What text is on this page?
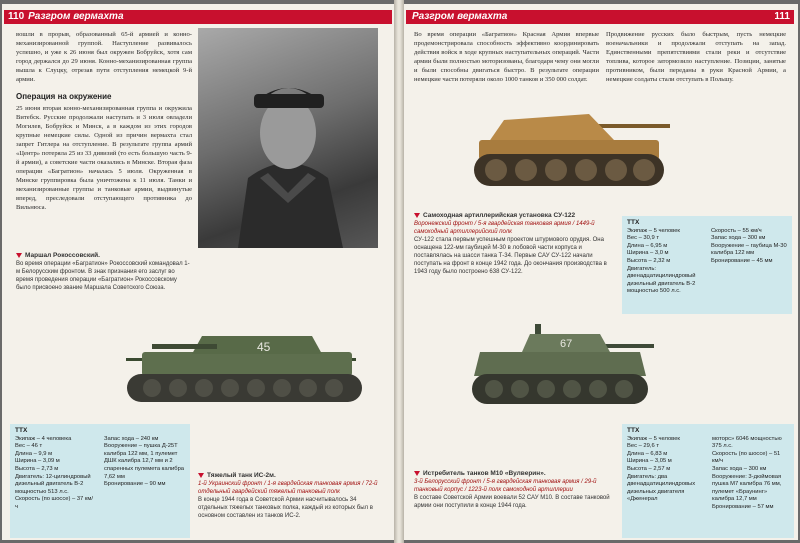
110 Разгром вермахта
вошли в прорыв, образованный 65-й армией и конно-механизированной группой. Наступление развивалось успешно, и уже к 26 июня был окружен Бобруйск, хотя сам город держался до 29 июня. Конно-механизированная группа вышла к Слуцку, отрезав пути отступления немецкой 9-й армии.
Операция на окружение
25 июня вторая конно-механизированная группа и окружила Витебск. Русские продолжали наступать и 3 июля овладели Могилев, Бобруйск и Минск, а в каждом из этих городов крупные немецкие силы. Одной из причин вермахта стал запрет Гитлера на отступление. В результате группа армий «Центр» потеряла 25 из 33 дивизий (то есть большую часть 9-й армии), а советские части оказались в Минске. Вторая фаза операции «Багратион» началась 5 июля. Окруженная в Минске группировка была уничтожена к 11 июля. Танки и механизированные группы и танковые армии, выдвинутые вперед, преследовали отступающего противника до Вильнюса.
Маршал Рокоссовский.
Во время операции «Багратион» Рокоссовский командовал 1-м Белорусским фронтом. В знак признания его заслуг во время проведения операции «Багратион» Рокоссовскому было присвоено звание Маршала Советского Союза.
45
ТТХ
Экипаж – 4 человека
Вес – 46 т
Длина – 9,9 м
Ширина – 3,09 м
Высота – 2,73 м
Двигатель: 12-цилиндровый дизельный двигатель В-2 мощностью 513 л.с.
Скорость (по шоссе) – 37 км/ч
Запас хода – 240 км
Вооружение – пушка Д-25Т калибра 122 мм, 1 пулемет ДШК калибра 12,7 мм и 2 спаренных пулемета калибра 7,62 мм
Бронирование – 90 мм
Тяжелый танк ИС-2м.
1-й Украинский фронт / 1-я гвардейская танковая армия / 72-й отдельный гвардейский тяжелый танковый полк
В конце 1944 года в Советской Армии насчитывалось 34 отдельных тяжелых танковых полка, каждый из которых был в основном составлен из танков ИС-2.
Разгром вермахта	111
Во время операции «Багратион» Красная Армия впервые продемонстрировала способность эффективно координировать действия войск в ходе крупных наступательных операций. Части армии были полностью моторизованы, благодаря чему они могли и были способны двигаться быстро. В результате операции немецкие части потеряли около 1000 танков и 350 000 солдат.
Продвижение русских было быстрым, пусть немецкие военачальники и продолжали отступать на запад. Единственными препятствиями стали реки и отсутствие топлива, которое затормозило наступление. Позиции, занятые противником, были переданы в руки Красной Армии, а немецкие солдаты стали отступать в Польшу.
Самоходная артиллерийская установка СУ-122
Воронежский фронт / 5-я гвардейская танковая армия / 1449-й самоходный артиллерийский полк
СУ-122 стала первым успешным проектом штурмового орудия. Она оснащена 122-мм гаубицей М-30 в лобовой части корпуса и поставлялась на шасси танка Т-34. Первые САУ СУ-122 начали поступать на фронт в конце 1942 года. До окончания производства в 1943 году было построено 638 СУ-122.
ТТХ
Экипаж – 5 человек
Вес – 30,9 т
Длина – 6,95 м
Ширина – 3,0 м
Высота – 2,32 м
Двигатель: двенадцатицилиндровый дизельный двигатель В-2 мощностью 500 л.с.
Скорость – 55 км/ч
Запас хода – 300 км
Вооружение – гаубица М-30 калибра 122 мм
Бронирование – 45 мм
67
Истребитель танков M10 «Вулверин».
3-й Белорусский фронт / 5-я гвардейская танковая армия / 29-й танковый корпус / 1223-й полк самоходной артиллерии
В составе Советской Армии воевали 52 САУ M10. В составе танковой армии они поступили в конце 1944 года.
ТТХ
Экипаж – 5 человек
Вес – 29,6 т
Длина – 6,83 м
Ширина – 3,05 м
Высота – 2,57 м
Двигатель: два двенадцатицилиндровых дизельных двигателя «Дженерал
моторс» 6046 мощностью 375 л.с.
Скорость (по шоссе) – 51 км/ч
Запас хода – 300 км
Вооружение: 3-дюймовая пушка M7 калибра 76 мм, пулемет «Браунинг» калибра 12,7 мм
Бронирование – 57 мм
